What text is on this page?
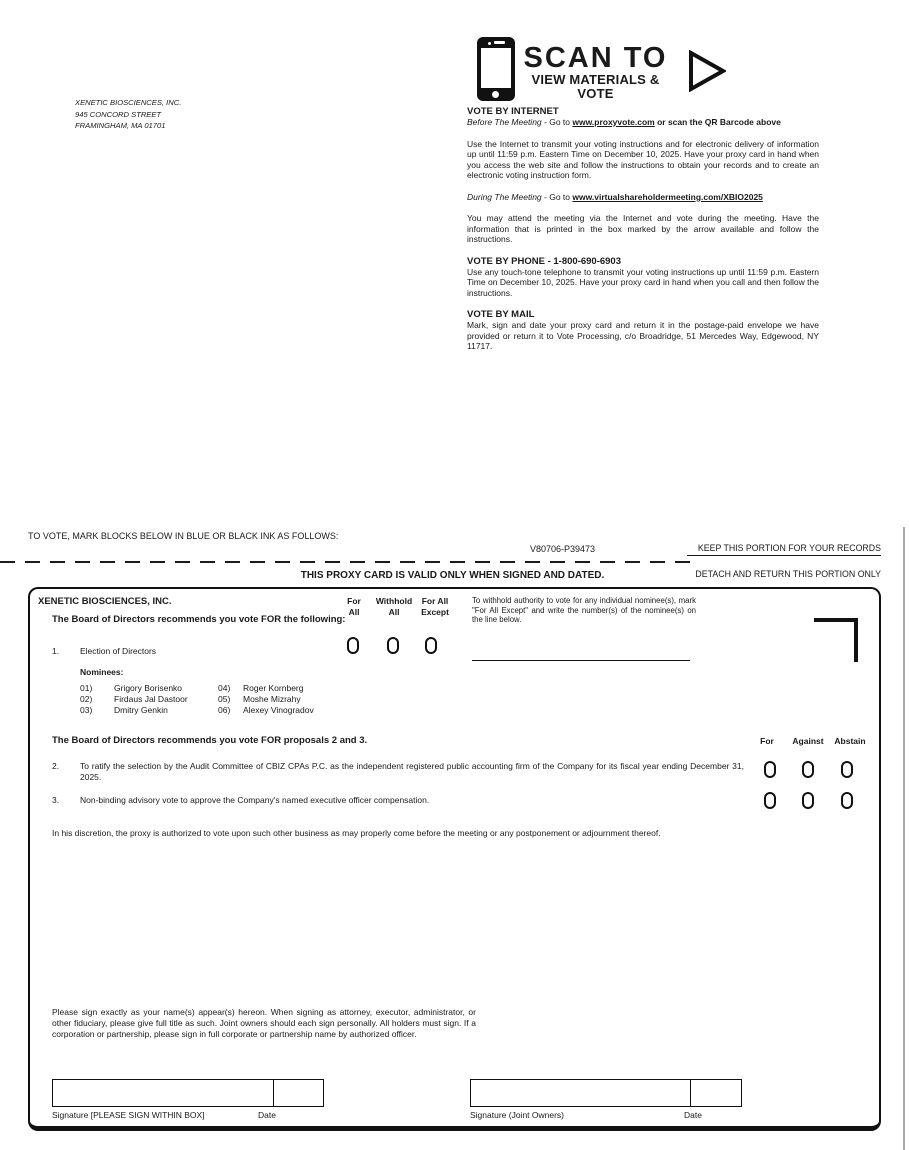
XENETIC BIOSCIENCES, INC.
945 CONCORD STREET
FRAMINGHAM, MA 01701
SCAN TO
VIEW MATERIALS & VOTE
VOTE BY INTERNET

Before The Meeting - Go to www.proxyvote.com or scan the QR Barcode above

Use the Internet to transmit your voting instructions and for electronic delivery of information up until 11:59 p.m. Eastern Time on December 10, 2025. Have your proxy card in hand when you access the web site and follow the instructions to obtain your records and to create an electronic voting instruction form.

During The Meeting - Go to www.virtualshareholdermeeting.com/XBIO2025

You may attend the meeting via the Internet and vote during the meeting. Have the information that is printed in the box marked by the arrow available and follow the instructions.

VOTE BY PHONE - 1-800-690-6903

Use any touch-tone telephone to transmit your voting instructions up until 11:59 p.m. Eastern Time on December 10, 2025. Have your proxy card in hand when you call and then follow the instructions.

VOTE BY MAIL

Mark, sign and date your proxy card and return it in the postage-paid envelope we have provided or return it to Vote Processing, c/o Broadridge, 51 Mercedes Way, Edgewood, NY 11717.

TO VOTE, MARK BLOCKS BELOW IN BLUE OR BLACK INK AS FOLLOWS:
V80706-P39473	KEEP THIS PORTION FOR YOUR RECORDS
THIS PROXY CARD IS VALID ONLY WHEN SIGNED AND DATED.	DETACH AND RETURN THIS PORTION ONLY
XENETIC BIOSCIENCES, INC.
The Board of Directors recommends you vote FOR the following:
For
All
Withhold
All
For All
Except
To withhold authority to vote for any individual nominee(s), mark "For All Except" and write the number(s) of the nominee(s) on the line below.
1. Election of Directors
Nominees:
01)	Grigory Borisenko	04) Roger Kornberg
02)	Firdaus Jal Dastoor	05) Moshe Mizrahy
03)	Dmitry Genkin	06) Alexey Vinogradov
The Board of Directors recommends you vote FOR proposals 2 and 3.	For	Against	Abstain
2. To ratify the selection by the Audit Committee of CBIZ CPAs P.C. as the independent registered public accounting firm of the Company for its fiscal year ending December 31, 2025.
3. Non-binding advisory vote to approve the Company's named executive officer compensation.
In his discretion, the proxy is authorized to vote upon such other business as may properly come before the meeting or any postponement or adjournment thereof.
Please sign exactly as your name(s) appear(s) hereon. When signing as attorney, executor, administrator, or other fiduciary, please give full title as such. Joint owners should each sign personally. All holders must sign. If a corporation or partnership, please sign in full corporate or partnership name by authorized officer.
Signature [PLEASE SIGN WITHIN BOX]	Date	Signature (Joint Owners)	Date
